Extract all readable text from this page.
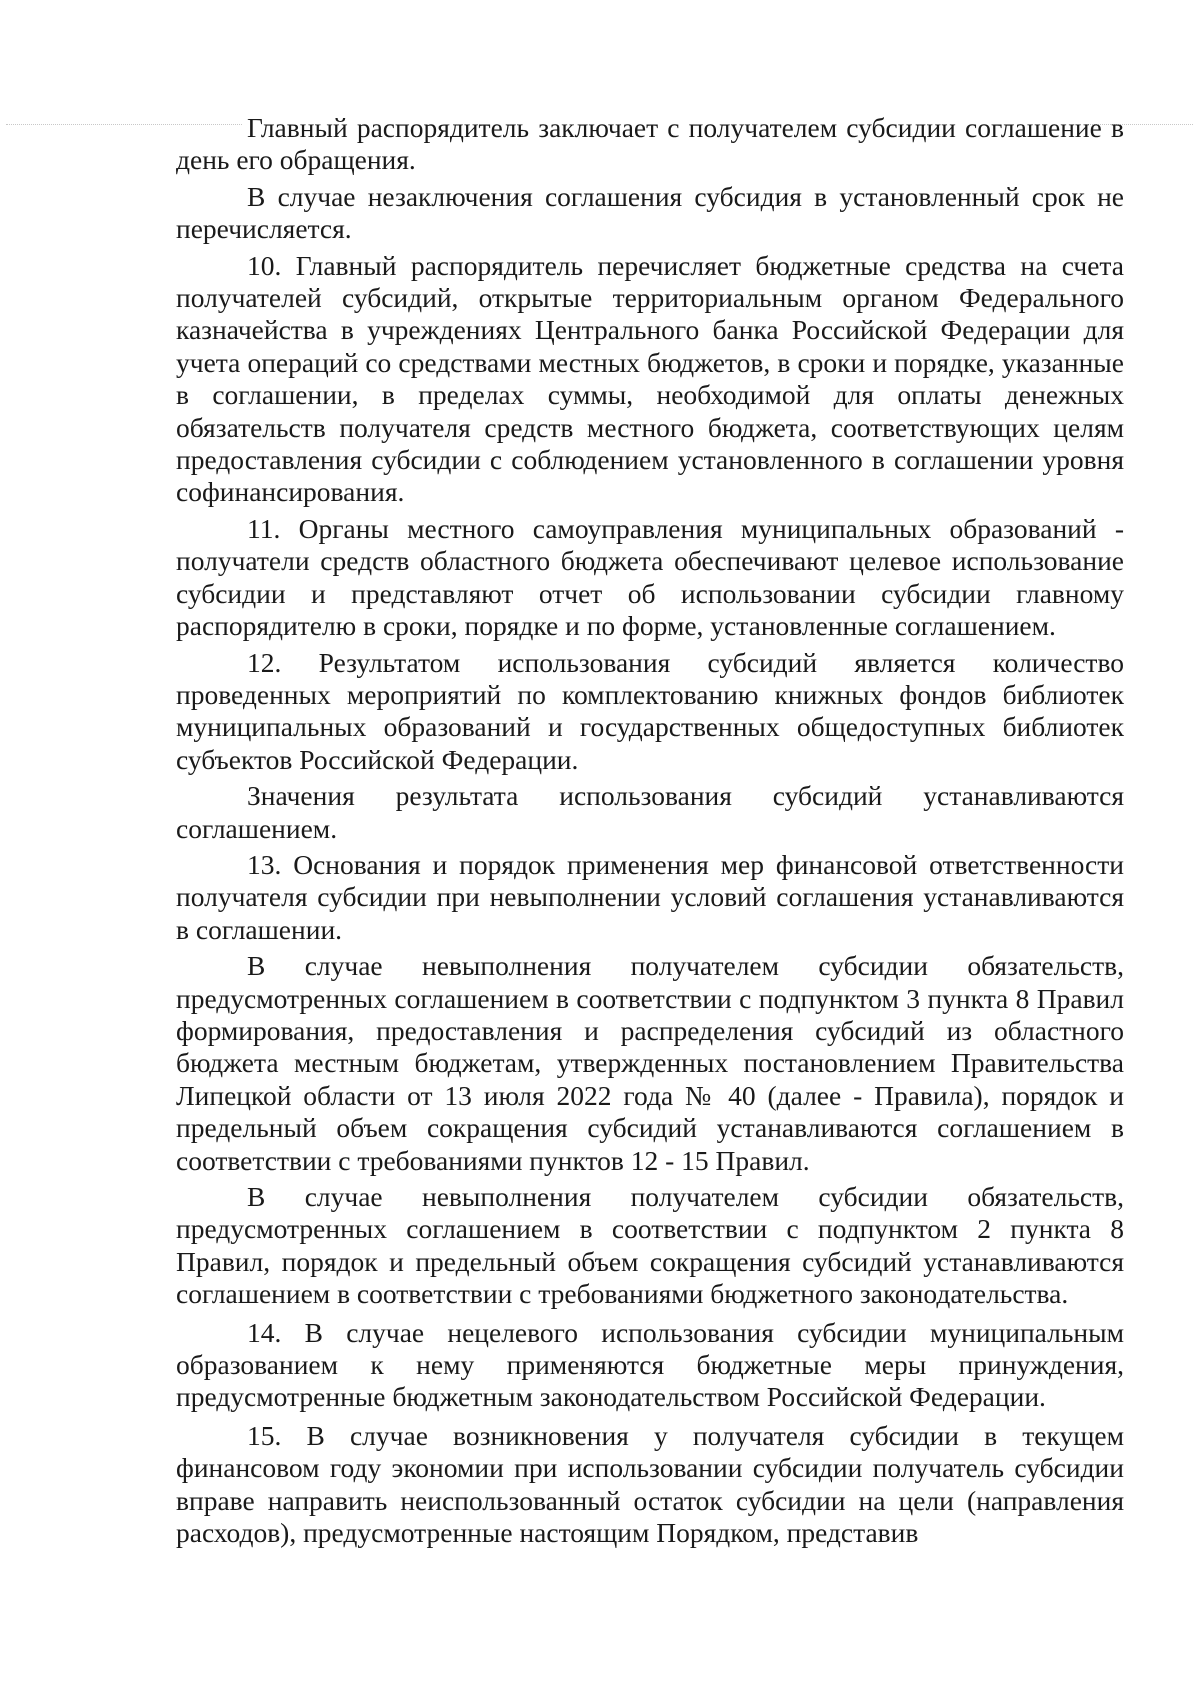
Главный распорядитель заключает с получателем субсидии соглашение в день его обращения.

В случае незаключения соглашения субсидия в установленный срок не перечисляется.

10. Главный распорядитель перечисляет бюджетные средства на счета получателей субсидий, открытые территориальным органом Федерального казначейства в учреждениях Центрального банка Российской Федерации для учета операций со средствами местных бюджетов, в сроки и порядке, указанные в соглашении, в пределах суммы, необходимой для оплаты денежных обязательств получателя средств местного бюджета, соответствующих целям предоставления субсидии с соблюдением установленного в соглашении уровня софинансирования.

11. Органы местного самоуправления муниципальных образований - получатели средств областного бюджета обеспечивают целевое использование субсидии и представляют отчет об использовании субсидии главному распорядителю в сроки, порядке и по форме, установленные соглашением.

12. Результатом использования субсидий является количество проведенных мероприятий по комплектованию книжных фондов библиотек муниципальных образований и государственных общедоступных библиотек субъектов Российской Федерации.

Значения результата использования субсидий устанавливаются соглашением.

13. Основания и порядок применения мер финансовой ответственности получателя субсидии при невыполнении условий соглашения устанавливаются в соглашении.

В случае невыполнения получателем субсидии обязательств, предусмотренных соглашением в соответствии с подпунктом 3 пункта 8 Правил формирования, предоставления и распределения субсидий из областного бюджета местным бюджетам, утвержденных постановлением Правительства Липецкой области от 13 июля 2022 года № 40 (далее - Правила), порядок и предельный объем сокращения субсидий устанавливаются соглашением в соответствии с требованиями пунктов 12 - 15 Правил.

В случае невыполнения получателем субсидии обязательств, предусмотренных соглашением в соответствии с подпунктом 2 пункта 8 Правил, порядок и предельный объем сокращения субсидий устанавливаются соглашением в соответствии с требованиями бюджетного законодательства.

14. В случае нецелевого использования субсидии муниципальным образованием к нему применяются бюджетные меры принуждения, предусмотренные бюджетным законодательством Российской Федерации.

15. В случае возникновения у получателя субсидии в текущем финансовом году экономии при использовании субсидии получатель субсидии вправе направить неиспользованный остаток субсидии на цели (направления расходов), предусмотренные настоящим Порядком, представив
